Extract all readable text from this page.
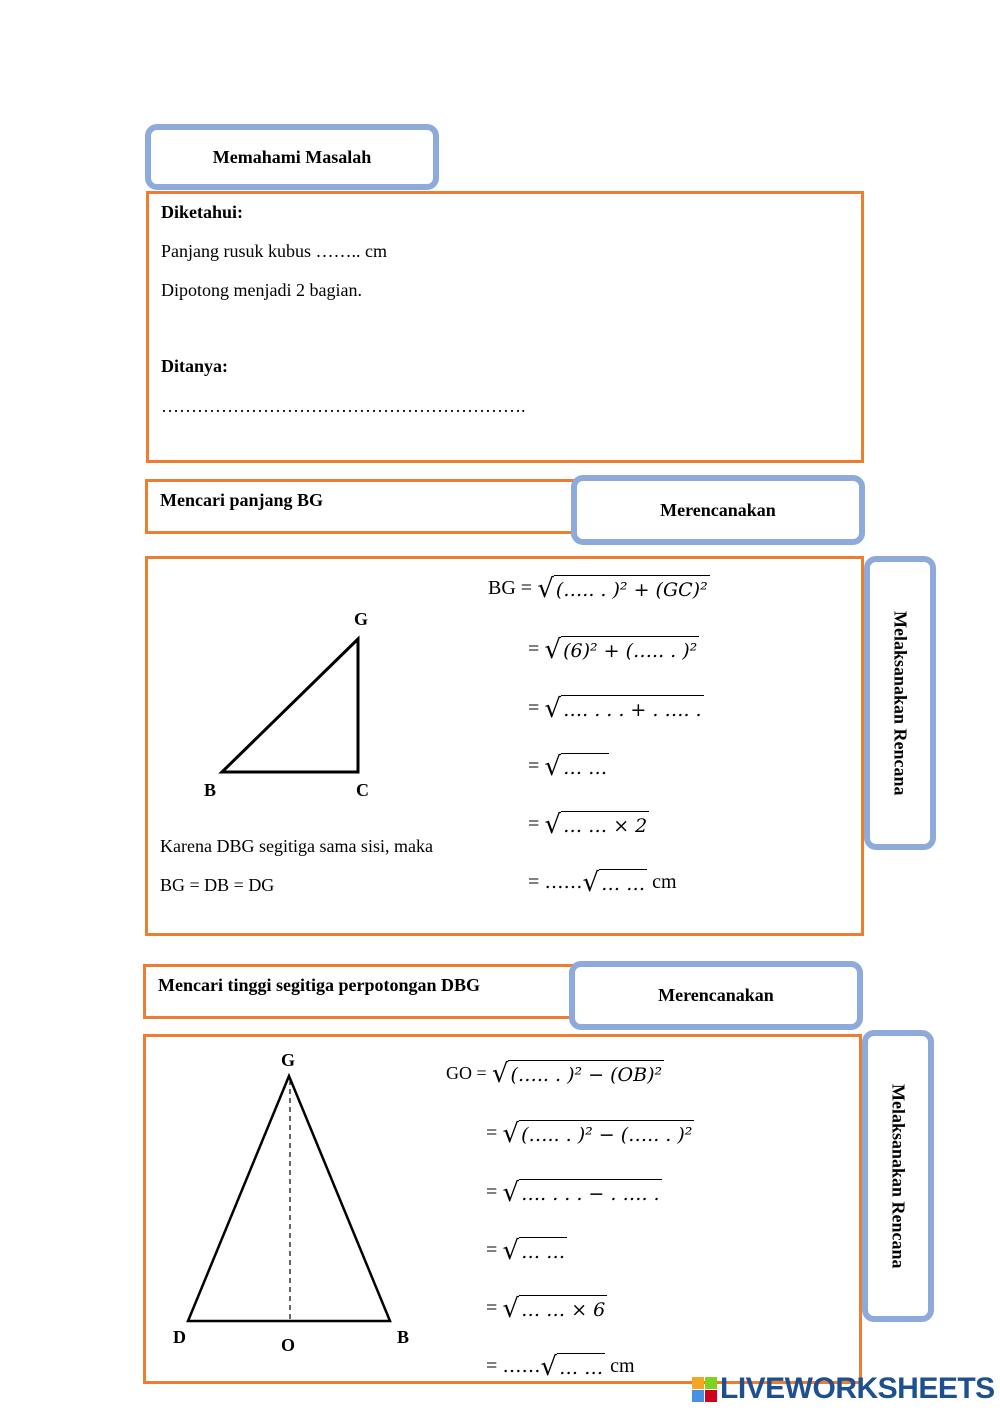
Memahami Masalah
Diketahui:
Panjang rusuk kubus …….. cm
Dipotong menjadi 2 bagian.
Ditanya:
…………………………………………………….
Mencari panjang BG	Merencanakan
Melaksanakan Rencana
G
B	C
Karena DBG segitiga sama sisi, maka
BG = DB = DG
BG = √ (….. . )² + (GC)²
= √ (6)² + (….. . )²
= √ …. . . . + . …. .
= √ … …
= √ … … × 2
= …… √ … … cm
Mencari tinggi segitiga perpotongan DBG	Merencanakan
Melaksanakan Rencana
G
D	O	B
GO = √ (….. . )² − (OB)²
= √ (….. . )² − (….. . )²
= √ …. . . . − . …. .
= √ … …
= √ … … × 6
= …… √ … … cm
LIVEWORKSHEETS
